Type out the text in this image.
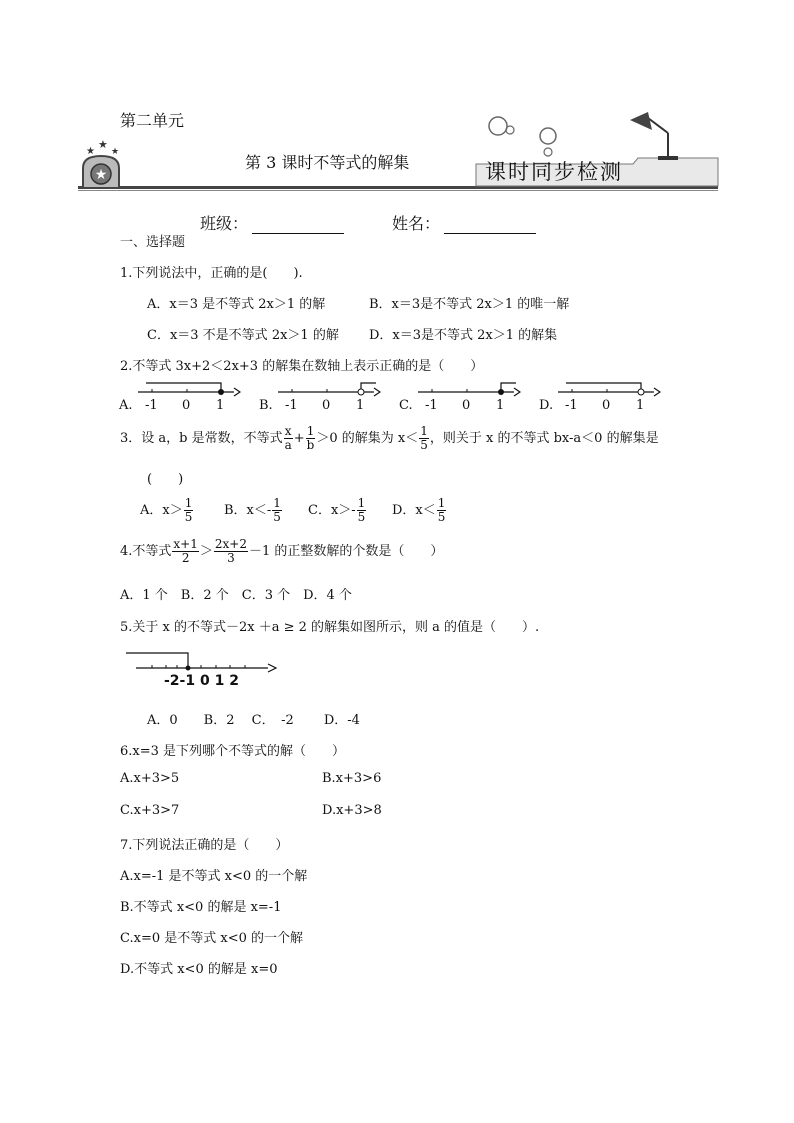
第二单元
★
★
★
★
第 3 课时不等式的解集	课时同步检测
班级：	姓名：
一、选择题
1.下列说法中，正确的是(　　).
A．x＝3 是不等式 2x＞1 的解	B．x＝3是不等式 2x＞1 的唯一解
C．x＝3 不是不等式 2x＞1 的解 D．x＝3是不等式 2x＞1 的解集
2.不等式 3x+2＜2x+3 的解集在数轴上表示正确的是（　　）
A. -1 0 1	B. -1 0 1	C. -1 0 1	D. -1 0 1
3．设 a，b 是常数，不等式 $\frac{x}{a} + \frac{1}{b} >0$ 的解集为 $x< \frac{1}{5}$ ，则关于 x 的不等式 bx-a＜0 的解集是
(　　)
A．$x> \frac{1}{5}$ B．$x<- \frac{1}{5}$ C．$x>- \frac{1}{5}$ D．$x< \frac{1}{5}$
4.不等式 $\frac{x+1}{2} > \frac{2x+2}{3} -1$ 的正整数解的个数是（　　）
A．1 个　B．2 个　C．3 个　D．4 个
5.关于 x 的不等式－2x ＋a ≥ 2 的解集如图所示，则 a 的值是（　　）.
-2-1 0 1 2
A．0　　B．2　 C．　-2　　 D．-4
6.x=3 是下列哪个不等式的解（　　）
A.x+3>5	B.x+3>6
C.x+3>7	D.x+3>8
7.下列说法正确的是（　　）
A.x=-1 是不等式 x<0 的一个解
B.不等式 x<0 的解是 x=-1
C.x=0 是不等式 x<0 的一个解
D.不等式 x<0 的解是 x=0
